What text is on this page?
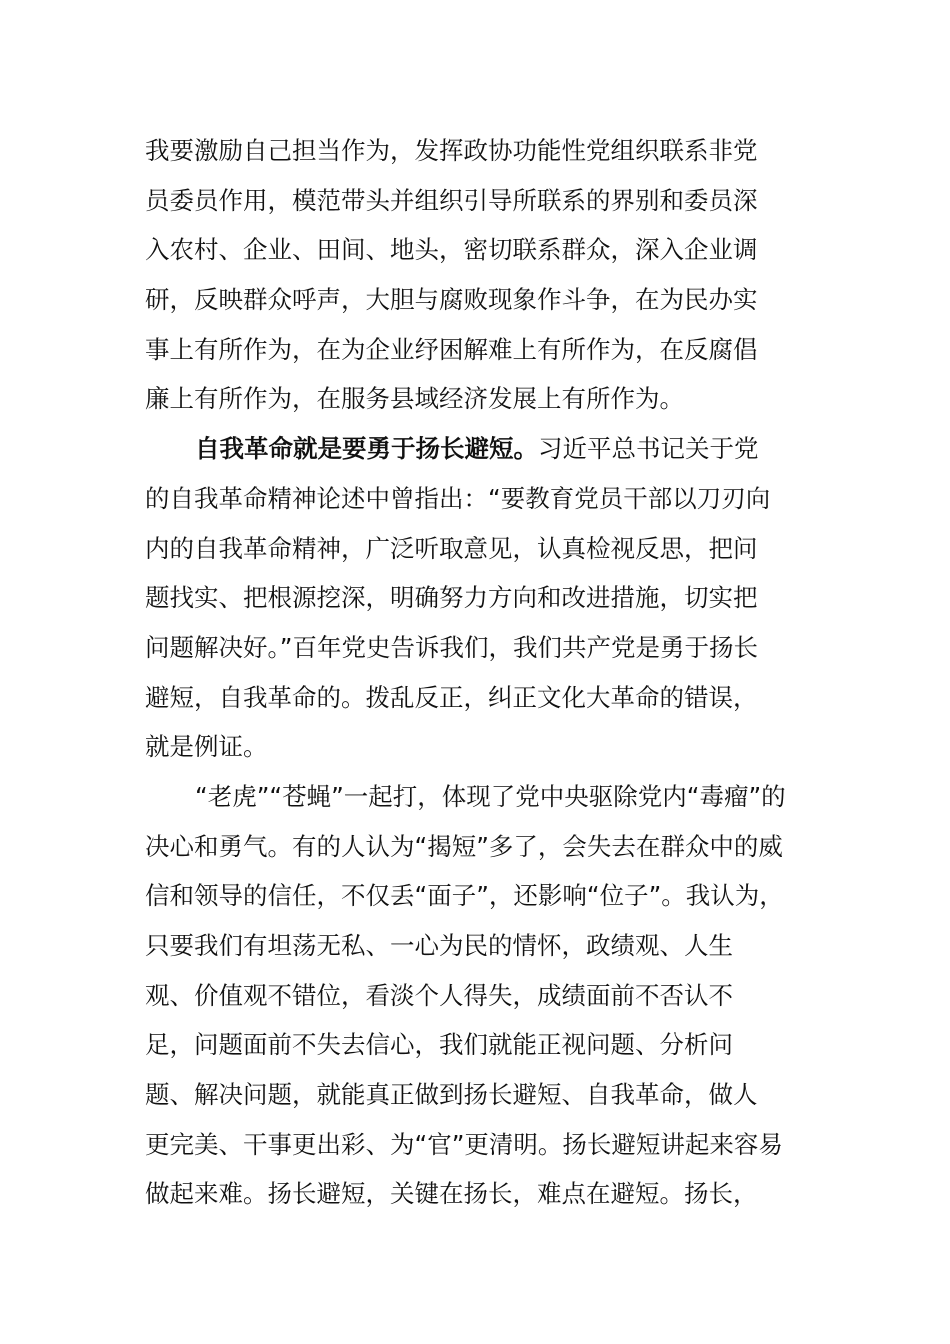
我要激励自己担当作为，发挥政协功能性党组织联系非党
员委员作用，模范带头并组织引导所联系的界别和委员深
入农村、企业、田间、地头，密切联系群众，深入企业调
研，反映群众呼声，大胆与腐败现象作斗争，在为民办实
事上有所作为，在为企业纾困解难上有所作为，在反腐倡
廉上有所作为，在服务县域经济发展上有所作为。
自我革命就是要勇于扬长避短。习近平总书记关于党
的自我革命精神论述中曾指出：“要教育党员干部以刀刃向
内的自我革命精神，广泛听取意见，认真检视反思，把问
题找实、把根源挖深，明确努力方向和改进措施，切实把
问题解决好。”百年党史告诉我们，我们共产党是勇于扬长
避短，自我革命的。拨乱反正，纠正文化大革命的错误，
就是例证。
“老虎”“苍蝇”一起打，体现了党中央驱除党内“毒瘤”的
决心和勇气。有的人认为“揭短”多了，会失去在群众中的威
信和领导的信任，不仅丢“面子”，还影响“位子”。我认为，
只要我们有坦荡无私、一心为民的情怀，政绩观、人生
观、价值观不错位，看淡个人得失，成绩面前不否认不
足，问题面前不失去信心，我们就能正视问题、分析问
题、解决问题，就能真正做到扬长避短、自我革命，做人
更完美、干事更出彩、为“官”更清明。扬长避短讲起来容易
做起来难。扬长避短，关键在扬长，难点在避短。扬长，
